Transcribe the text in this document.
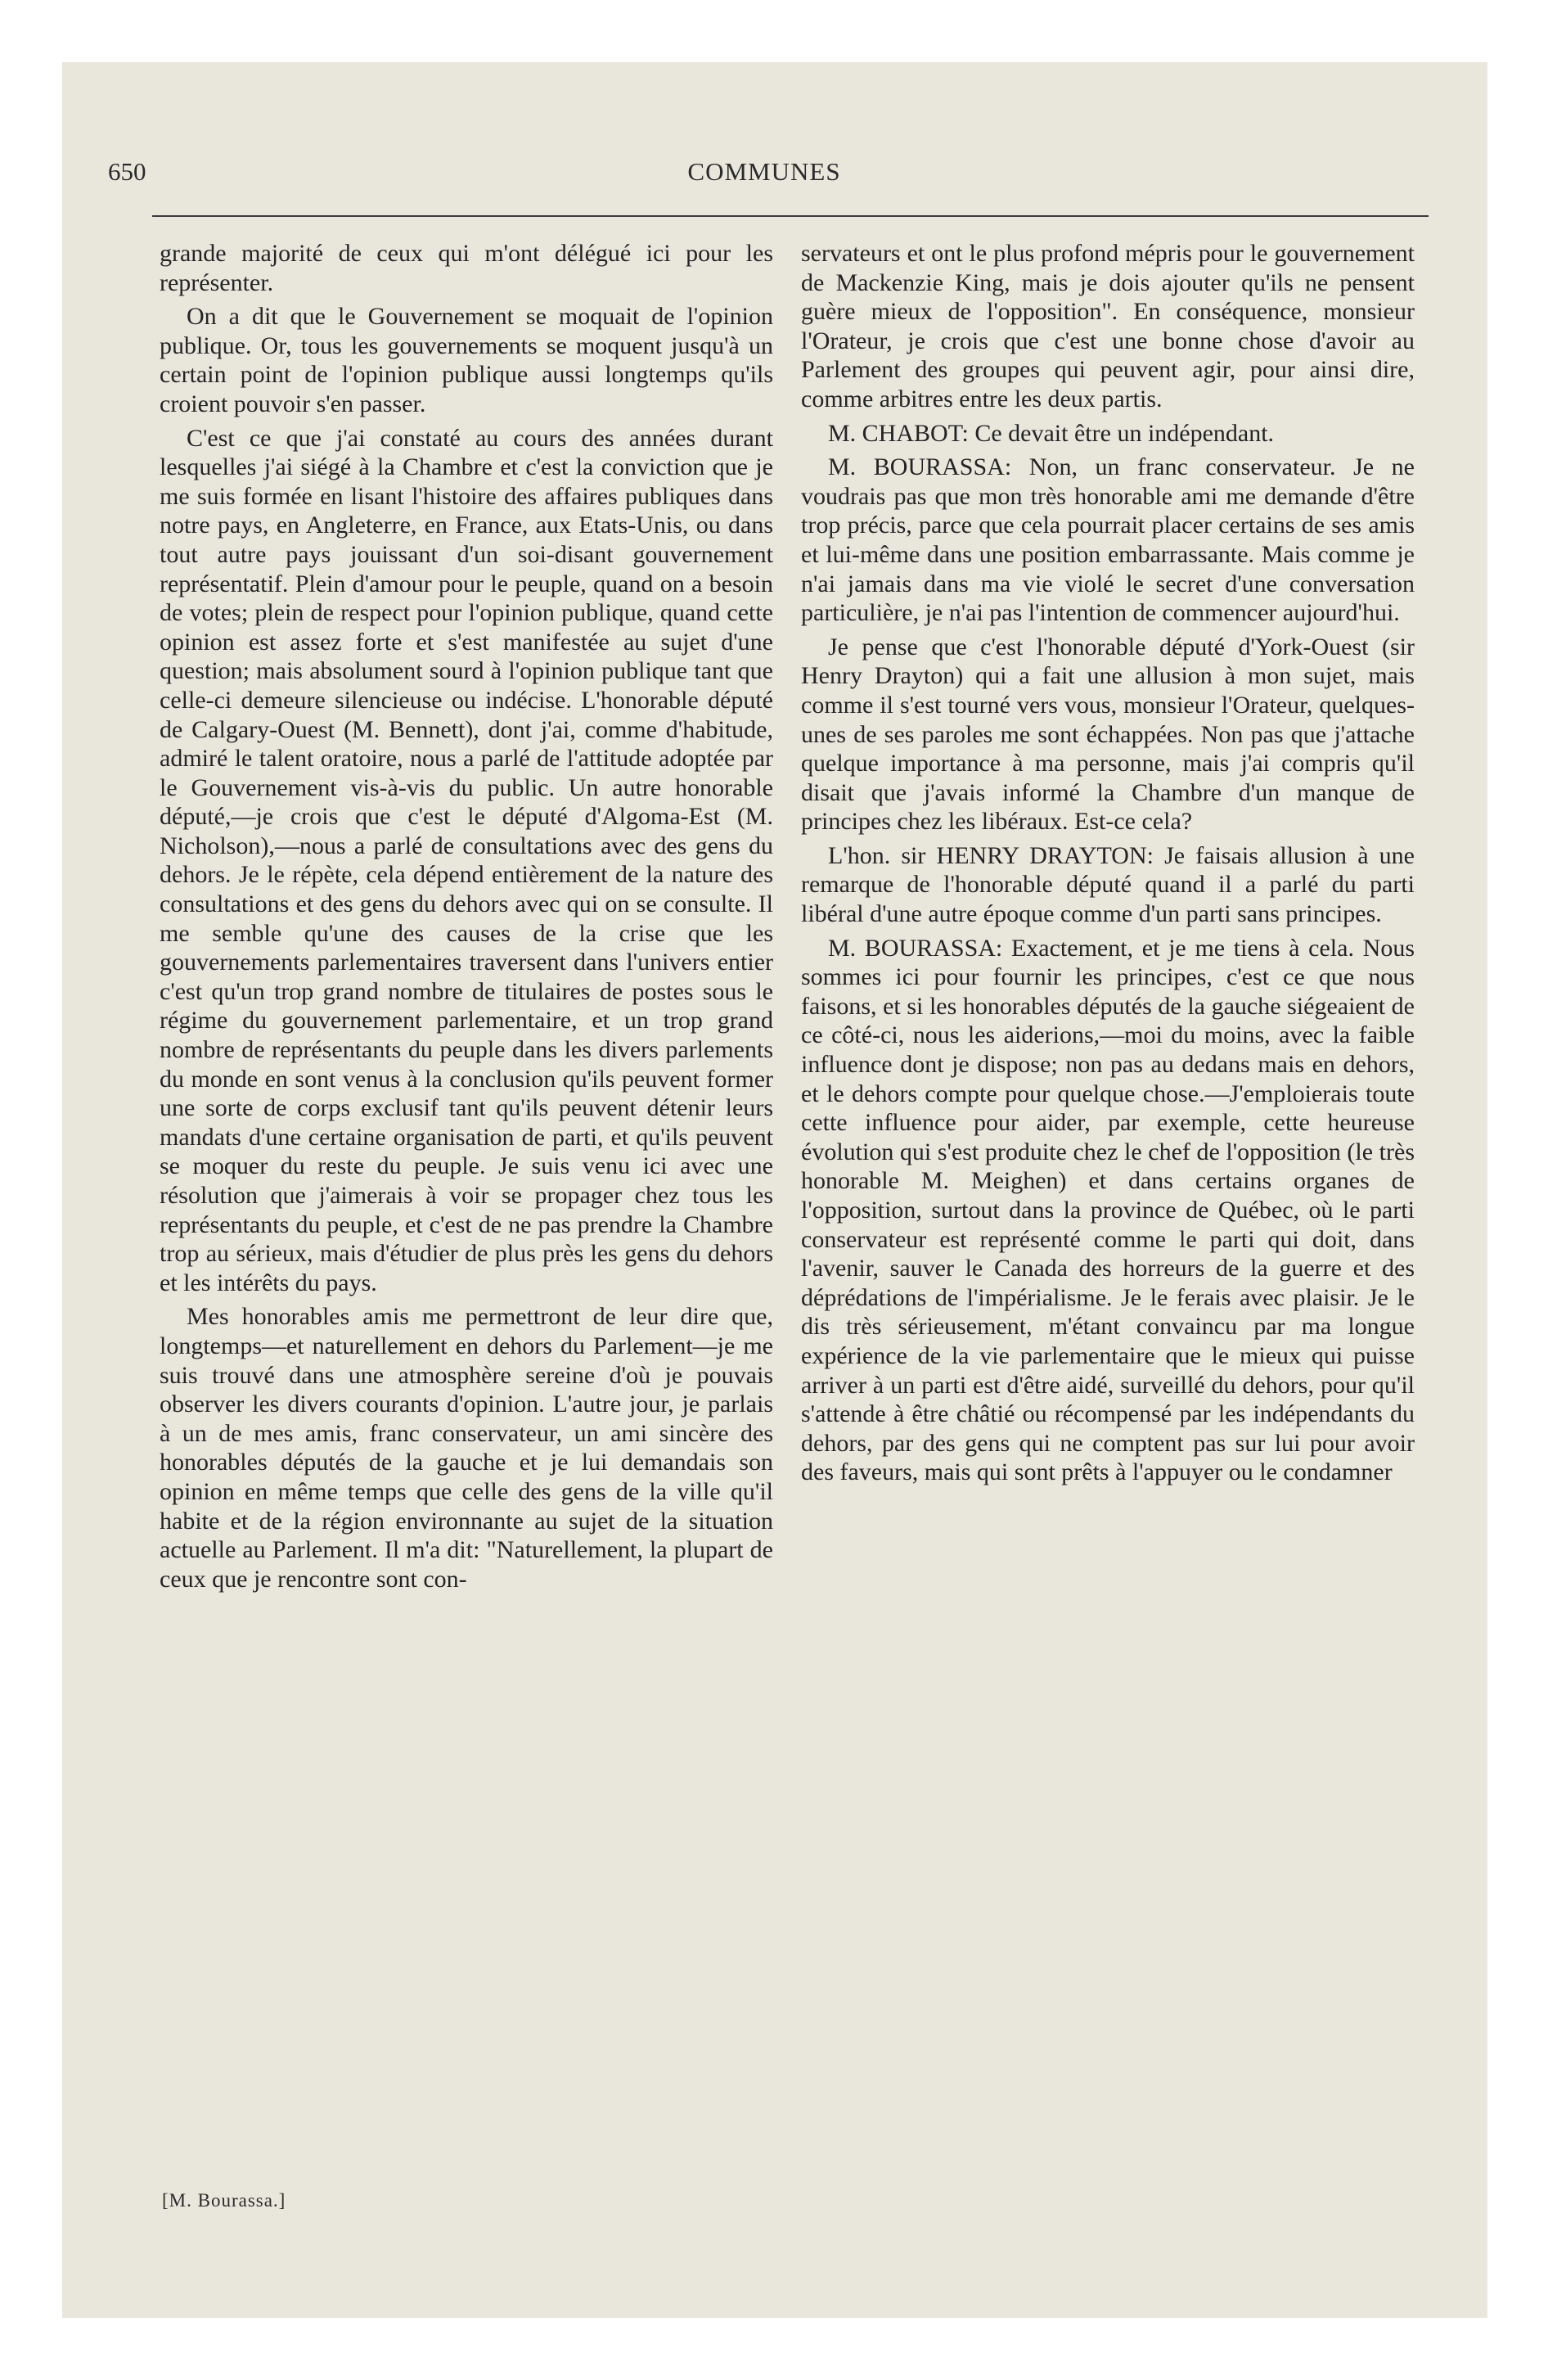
650	COMMUNES

grande majorité de ceux qui m'ont délégué ici pour les représenter.

On a dit que le Gouvernement se moquait de l'opinion publique. Or, tous les gouvernements se moquent jusqu'à un certain point de l'opinion publique aussi longtemps qu'ils croient pouvoir s'en passer.

C'est ce que j'ai constaté au cours des années durant lesquelles j'ai siégé à la Chambre et c'est la conviction que je me suis formée en lisant l'histoire des affaires publiques dans notre pays, en Angleterre, en France, aux Etats-Unis, ou dans tout autre pays jouissant d'un soi-disant gouvernement représentatif. Plein d'amour pour le peuple, quand on a besoin de votes; plein de respect pour l'opinion publique, quand cette opinion est assez forte et s'est manifestée au sujet d'une question; mais absolument sourd à l'opinion publique tant que celle-ci demeure silencieuse ou indécise. L'honorable député de Calgary-Ouest (M. Bennett), dont j'ai, comme d'habitude, admiré le talent oratoire, nous a parlé de l'attitude adoptée par le Gouvernement vis-à-vis du public. Un autre honorable député,—je crois que c'est le député d'Algoma-Est (M. Nicholson),—nous a parlé de consultations avec des gens du dehors. Je le répète, cela dépend entièrement de la nature des consultations et des gens du dehors avec qui on se consulte. Il me semble qu'une des causes de la crise que les gouvernements parlementaires traversent dans l'univers entier c'est qu'un trop grand nombre de titulaires de postes sous le régime du gouvernement parlementaire, et un trop grand nombre de représentants du peuple dans les divers parlements du monde en sont venus à la conclusion qu'ils peuvent former une sorte de corps exclusif tant qu'ils peuvent détenir leurs mandats d'une certaine organisation de parti, et qu'ils peuvent se moquer du reste du peuple. Je suis venu ici avec une résolution que j'aimerais à voir se propager chez tous les représentants du peuple, et c'est de ne pas prendre la Chambre trop au sérieux, mais d'étudier de plus près les gens du dehors et les intérêts du pays.

Mes honorables amis me permettront de leur dire que, longtemps—et naturellement en dehors du Parlement—je me suis trouvé dans une atmosphère sereine d'où je pouvais observer les divers courants d'opinion. L'autre jour, je parlais à un de mes amis, franc conservateur, un ami sincère des honorables députés de la gauche et je lui demandais son opinion en même temps que celle des gens de la ville qu'il habite et de la région environnante au sujet de la situation actuelle au Parlement. Il m'a dit: "Naturellement, la plupart de ceux que je rencontre sont con-

servateurs et ont le plus profond mépris pour le gouvernement de Mackenzie King, mais je dois ajouter qu'ils ne pensent guère mieux de l'opposition". En conséquence, monsieur l'Orateur, je crois que c'est une bonne chose d'avoir au Parlement des groupes qui peuvent agir, pour ainsi dire, comme arbitres entre les deux partis.

M. CHABOT: Ce devait être un indépendant.

M. BOURASSA: Non, un franc conservateur. Je ne voudrais pas que mon très honorable ami me demande d'être trop précis, parce que cela pourrait placer certains de ses amis et lui-même dans une position embarrassante. Mais comme je n'ai jamais dans ma vie violé le secret d'une conversation particulière, je n'ai pas l'intention de commencer aujourd'hui.

Je pense que c'est l'honorable député d'York-Ouest (sir Henry Drayton) qui a fait une allusion à mon sujet, mais comme il s'est tourné vers vous, monsieur l'Orateur, quelques-unes de ses paroles me sont échappées. Non pas que j'attache quelque importance à ma personne, mais j'ai compris qu'il disait que j'avais informé la Chambre d'un manque de principes chez les libéraux. Est-ce cela?

L'hon. sir HENRY DRAYTON: Je faisais allusion à une remarque de l'honorable député quand il a parlé du parti libéral d'une autre époque comme d'un parti sans principes.

M. BOURASSA: Exactement, et je me tiens à cela. Nous sommes ici pour fournir les principes, c'est ce que nous faisons, et si les honorables députés de la gauche siégeaient de ce côté-ci, nous les aiderions,—moi du moins, avec la faible influence dont je dispose; non pas au dedans mais en dehors, et le dehors compte pour quelque chose.—J'emploierais toute cette influence pour aider, par exemple, cette heureuse évolution qui s'est produite chez le chef de l'opposition (le très honorable M. Meighen) et dans certains organes de l'opposition, surtout dans la province de Québec, où le parti conservateur est représenté comme le parti qui doit, dans l'avenir, sauver le Canada des horreurs de la guerre et des déprédations de l'impérialisme. Je le ferais avec plaisir. Je le dis très sérieusement, m'étant convaincu par ma longue expérience de la vie parlementaire que le mieux qui puisse arriver à un parti est d'être aidé, surveillé du dehors, pour qu'il s'attende à être châtié ou récompensé par les indépendants du dehors, par des gens qui ne comptent pas sur lui pour avoir des faveurs, mais qui sont prêts à l'appuyer ou le condamner

[M. Bourassa.]
